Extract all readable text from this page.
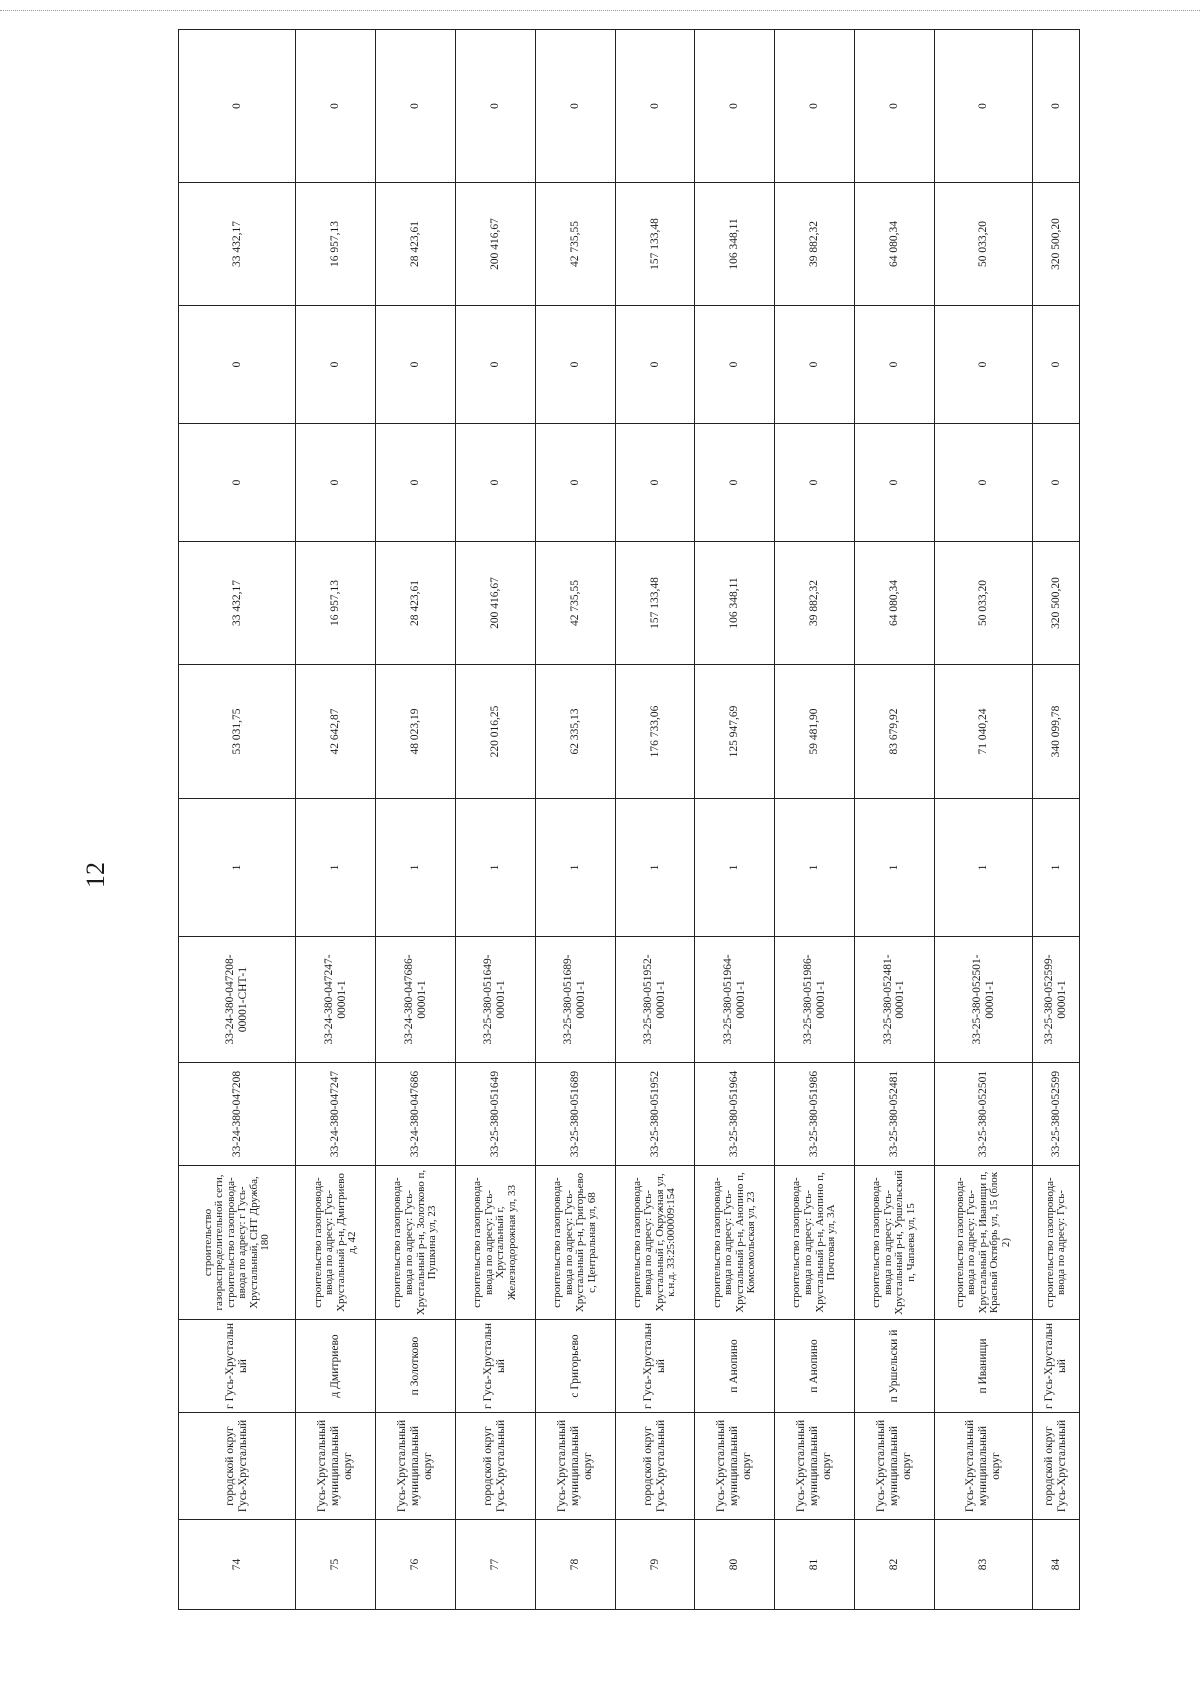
12
74	городской округ Гусь-Хрустальный	г Гусь-Хрустальн ый	строительство газораспределительной сети, строительство газопровода-ввода по адресу: г Гусь-Хрустальный, СНТ Дружба, 180	33-24-380-047208	33-24-380-047208-00001-СНТ-1	1	53 031,75	33 432,17	0	0	33 432,17	0
75	Гусь-Хрустальный муниципальный округ	д Дмитриево	строительство газопровода-ввода по адресу: Гусь-Хрустальный р-н, Дмитриево д, 42	33-24-380-047247	33-24-380-047247-00001-1	1	42 642,87	16 957,13	0	0	16 957,13	0
76	Гусь-Хрустальный муниципальный округ	п Золотково	строительство газопровода-ввода по адресу: Гусь-Хрустальный р-н, Золотково п, Пушкина ул, 23	33-24-380-047686	33-24-380-047686-00001-1	1	48 023,19	28 423,61	0	0	28 423,61	0
77	городской округ Гусь-Хрустальный	г Гусь-Хрустальн ый	строительство газопровода-ввода по адресу: Гусь-Хрустальный г, Железнодорожная ул, 33	33-25-380-051649	33-25-380-051649-00001-1	1	220 016,25	200 416,67	0	0	200 416,67	0
78	Гусь-Хрустальный муниципальный округ	с Григорьево	строительство газопровода-ввода по адресу: Гусь-Хрустальный р-н, Григорьево с, Центральная ул, 68	33-25-380-051689	33-25-380-051689-00001-1	1	62 335,13	42 735,55	0	0	42 735,55	0
79	городской округ Гусь-Хрустальный	г Гусь-Хрустальн ый	строительство газопровода-ввода по адресу: Гусь-Хрустальный г, Окружная ул, к.н.д. 33:25:000009:154	33-25-380-051952	33-25-380-051952-00001-1	1	176 733,06	157 133,48	0	0	157 133,48	0
80	Гусь-Хрустальный муниципальный округ	п Анопино	строительство газопровода-ввода по адресу: Гусь-Хрустальный р-н, Анопино п, Комсомольская ул, 23	33-25-380-051964	33-25-380-051964-00001-1	1	125 947,69	106 348,11	0	0	106 348,11	0
81	Гусь-Хрустальный муниципальный округ	п Анопино	строительство газопровода-ввода по адресу: Гусь-Хрустальный р-н, Анопино п, Почтовая ул, 3А	33-25-380-051986	33-25-380-051986-00001-1	1	59 481,90	39 882,32	0	0	39 882,32	0
82	Гусь-Хрустальный муниципальный округ	п Уршельски й	строительство газопровода-ввода по адресу: Гусь-Хрустальный р-н, Уршельский п, Чапаева ул, 15	33-25-380-052481	33-25-380-052481-00001-1	1	83 679,92	64 080,34	0	0	64 080,34	0
83	Гусь-Хрустальный муниципальный округ	п Иванищи	строительство газопровода-ввода по адресу: Гусь-Хрустальный р-н, Иванищи п, Красный Октябрь ул, 15 (блок 2)	33-25-380-052501	33-25-380-052501-00001-1	1	71 040,24	50 033,20	0	0	50 033,20	0
84	городской округ Гусь-Хрустальный	г Гусь-Хрустальн ый	строительство газопровода-ввода по адресу: Гусь-	33-25-380-052599	33-25-380-052599-00001-1	1	340 099,78	320 500,20	0	0	320 500,20	0
